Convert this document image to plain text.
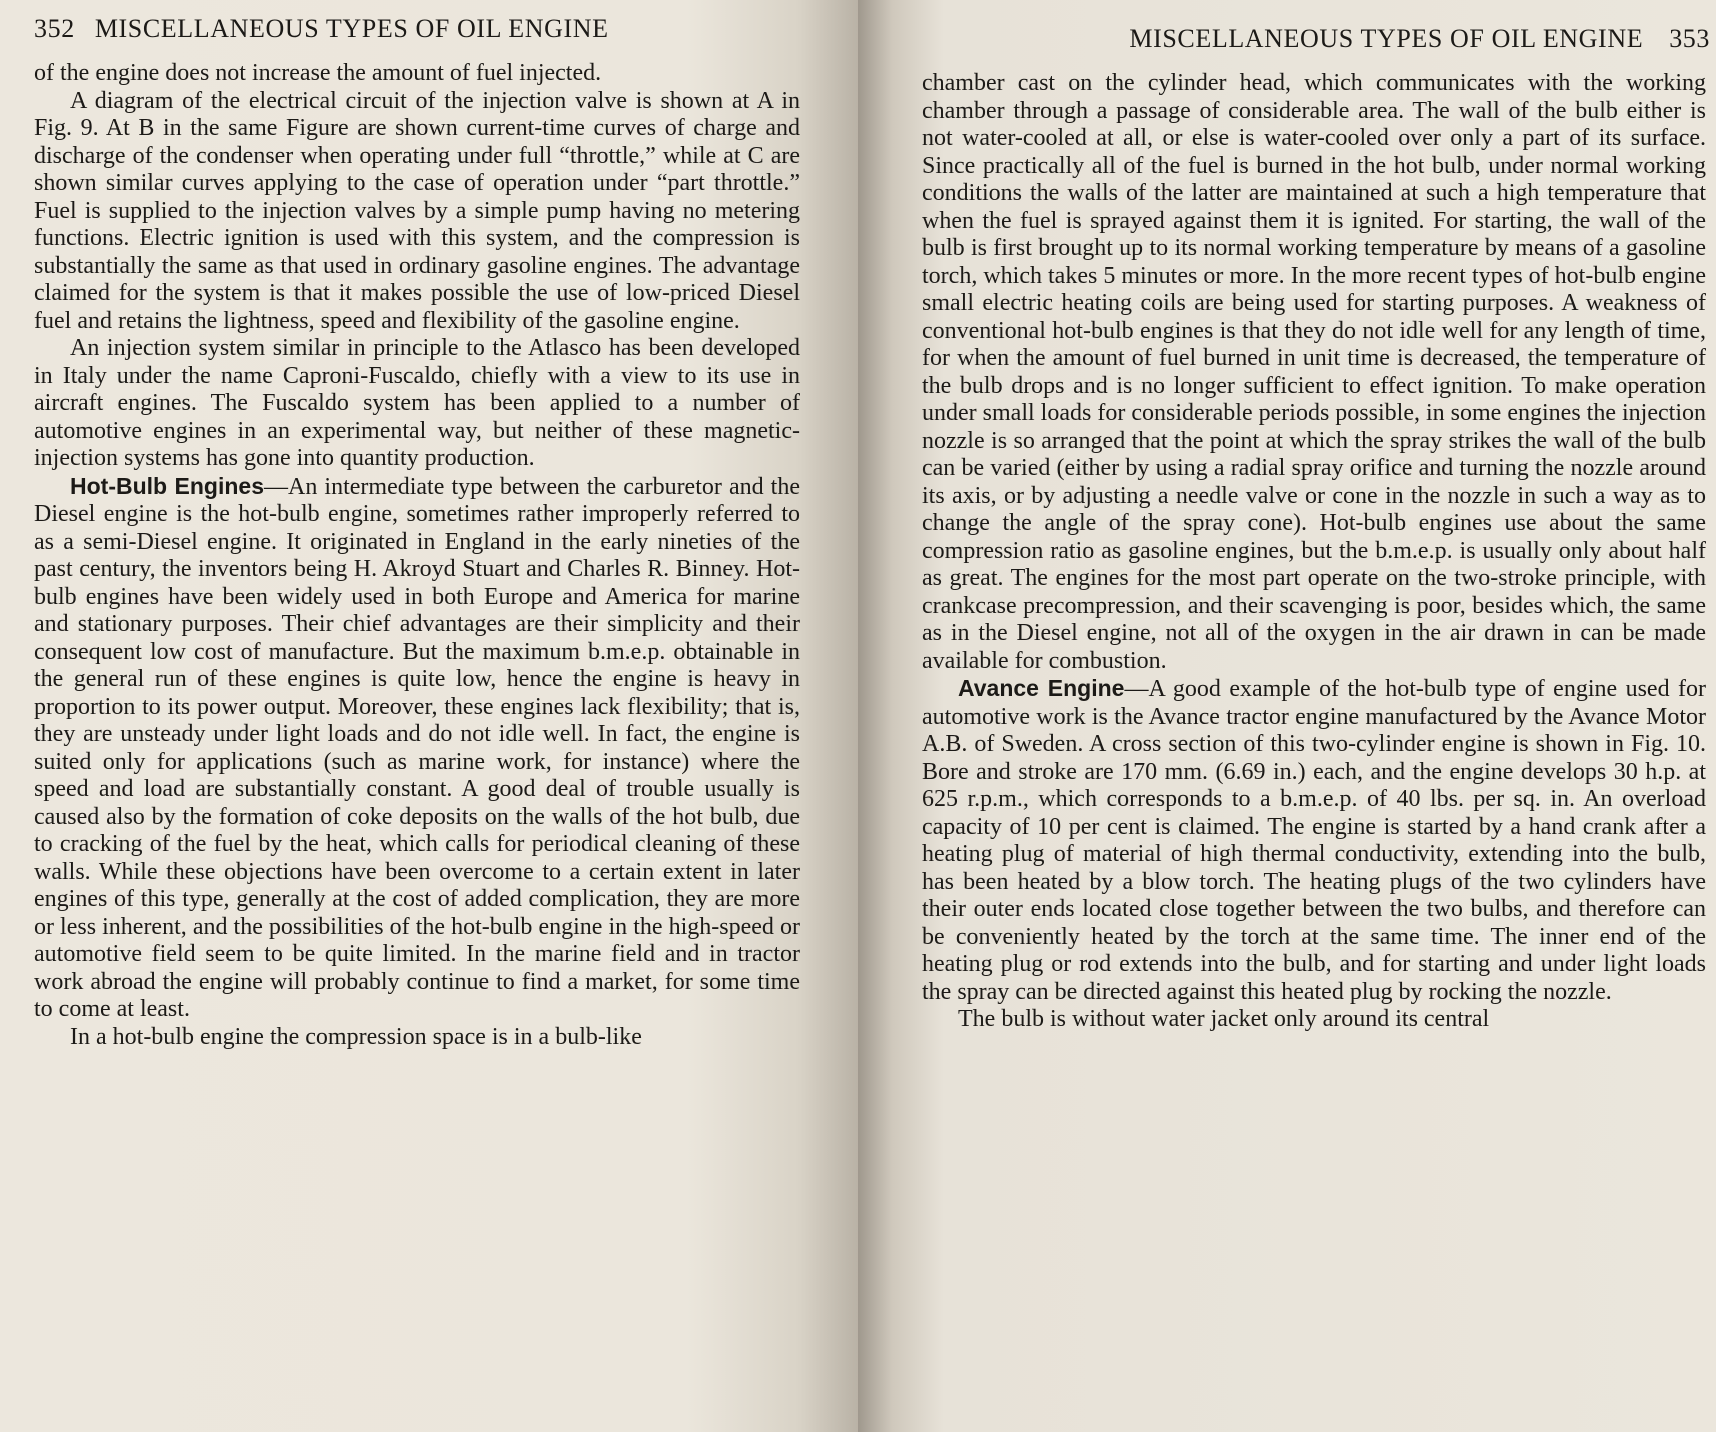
352 MISCELLANEOUS TYPES OF OIL ENGINE

of the engine does not increase the amount of fuel injected.

A diagram of the electrical circuit of the injection valve is shown at A in Fig. 9. At B in the same Figure are shown current-time curves of charge and discharge of the condenser when operating under full “throttle,” while at C are shown similar curves applying to the case of operation under “part throttle.” Fuel is supplied to the injection valves by a simple pump having no metering functions. Electric ignition is used with this system, and the compression is substantially the same as that used in ordinary gasoline engines. The advantage claimed for the system is that it makes possible the use of low-priced Diesel fuel and retains the lightness, speed and flexibility of the gasoline engine.

An injection system similar in principle to the Atlasco has been developed in Italy under the name Caproni-Fuscaldo, chiefly with a view to its use in aircraft engines. The Fuscaldo system has been applied to a number of automotive engines in an experimental way, but neither of these magnetic-injection systems has gone into quantity production.

Hot-Bulb Engines—An intermediate type between the carburetor and the Diesel engine is the hot-bulb engine, sometimes rather improperly referred to as a semi-Diesel engine. It originated in England in the early nineties of the past century, the inventors being H. Akroyd Stuart and Charles R. Binney. Hot-bulb engines have been widely used in both Europe and America for marine and stationary purposes. Their chief advantages are their simplicity and their consequent low cost of manufacture. But the maximum b.m.e.p. obtainable in the general run of these engines is quite low, hence the engine is heavy in proportion to its power output. Moreover, these engines lack flexibility; that is, they are unsteady under light loads and do not idle well. In fact, the engine is suited only for applications (such as marine work, for instance) where the speed and load are substantially constant. A good deal of trouble usually is caused also by the formation of coke deposits on the walls of the hot bulb, due to cracking of the fuel by the heat, which calls for periodical cleaning of these walls. While these objections have been overcome to a certain extent in later engines of this type, generally at the cost of added complication, they are more or less inherent, and the possibilities of the hot-bulb engine in the high-speed or automotive field seem to be quite limited. In the marine field and in tractor work abroad the engine will probably continue to find a market, for some time to come at least.

In a hot-bulb engine the compression space is in a bulb-like

MISCELLANEOUS TYPES OF OIL ENGINE 353

chamber cast on the cylinder head, which communicates with the working chamber through a passage of considerable area. The wall of the bulb either is not water-cooled at all, or else is water-cooled over only a part of its surface. Since practically all of the fuel is burned in the hot bulb, under normal working conditions the walls of the latter are maintained at such a high temperature that when the fuel is sprayed against them it is ignited. For starting, the wall of the bulb is first brought up to its normal working temperature by means of a gasoline torch, which takes 5 minutes or more. In the more recent types of hot-bulb engine small electric heating coils are being used for starting purposes. A weakness of conventional hot-bulb engines is that they do not idle well for any length of time, for when the amount of fuel burned in unit time is decreased, the temperature of the bulb drops and is no longer sufficient to effect ignition. To make operation under small loads for considerable periods possible, in some engines the injection nozzle is so arranged that the point at which the spray strikes the wall of the bulb can be varied (either by using a radial spray orifice and turning the nozzle around its axis, or by adjusting a needle valve or cone in the nozzle in such a way as to change the angle of the spray cone). Hot-bulb engines use about the same compression ratio as gasoline engines, but the b.m.e.p. is usually only about half as great. The engines for the most part operate on the two-stroke principle, with crankcase precompression, and their scavenging is poor, besides which, the same as in the Diesel engine, not all of the oxygen in the air drawn in can be made available for combustion.

Avance Engine—A good example of the hot-bulb type of engine used for automotive work is the Avance tractor engine manufactured by the Avance Motor A.B. of Sweden. A cross section of this two-cylinder engine is shown in Fig. 10. Bore and stroke are 170 mm. (6.69 in.) each, and the engine develops 30 h.p. at 625 r.p.m., which corresponds to a b.m.e.p. of 40 lbs. per sq. in. An overload capacity of 10 per cent is claimed. The engine is started by a hand crank after a heating plug of material of high thermal conductivity, extending into the bulb, has been heated by a blow torch. The heating plugs of the two cylinders have their outer ends located close together between the two bulbs, and therefore can be conveniently heated by the torch at the same time. The inner end of the heating plug or rod extends into the bulb, and for starting and under light loads the spray can be directed against this heated plug by rocking the nozzle.

The bulb is without water jacket only around its central
